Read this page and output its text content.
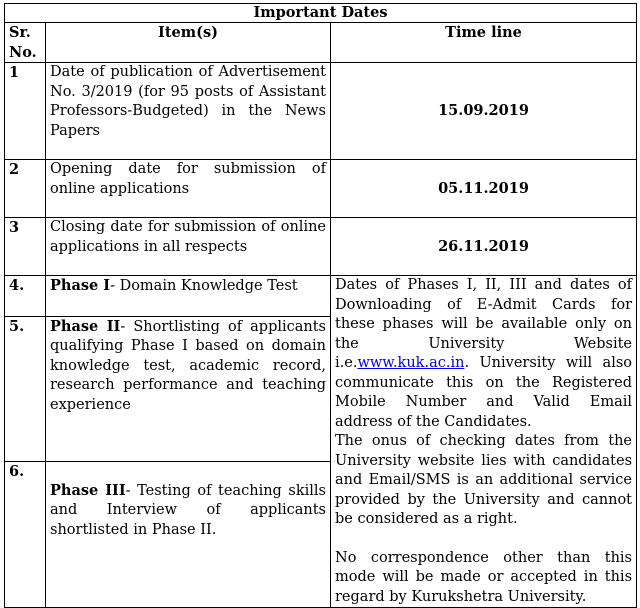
Important Dates		
Sr. No.	Item(s)	Time line
1	Date of publication of Advertisement No. 3/2019 (for 95 posts of Assistant Professors-Budgeted) in the News Papers	15.09.2019
2	Opening date for submission of online applications	05.11.2019
3	Closing date for submission of online applications in all respects	26.11.2019
4.	Phase I- Domain Knowledge Test	Dates of Phases I, II, III and dates of Downloading of E-Admit Cards for these phases will be available only on the University Website i.e.www.kuk.ac.in. University will also communicate this on the Registered Mobile Number and Valid Email address of the Candidates.
The onus of checking dates from the University website lies with candidates and Email/SMS is an additional service provided by the University and cannot be considered as a right.
No correspondence other than this mode will be made or accepted in this regard by Kurukshetra University.

5.	Phase II- Shortlisting of applicants qualifying Phase I based on domain knowledge test, academic record, research performance and teaching experience	
6.	Phase III- Testing of teaching skills and Interview of applicants shortlisted in Phase II.	
